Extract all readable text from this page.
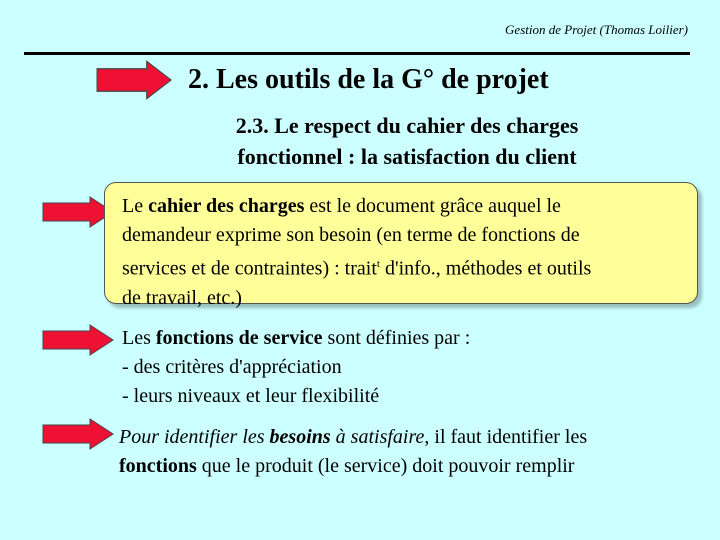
Gestion de Projet (Thomas Loilier)
2. Les outils de la G° de projet
2.3. Le respect du cahier des charges
fonctionnel : la satisfaction du client
Le cahier des charges est le document grâce auquel le
demandeur exprime son besoin (en terme de fonctions de
services et de contraintes) : trait$^t$ d'info., méthodes et outils
de travail, etc.)
Les fonctions de service sont définies par :
- des critères d'appréciation
- leurs niveaux et leur flexibilité
Pour identifier les besoins à satisfaire, il faut identifier les
fonctions que le produit (le service) doit pouvoir remplir
